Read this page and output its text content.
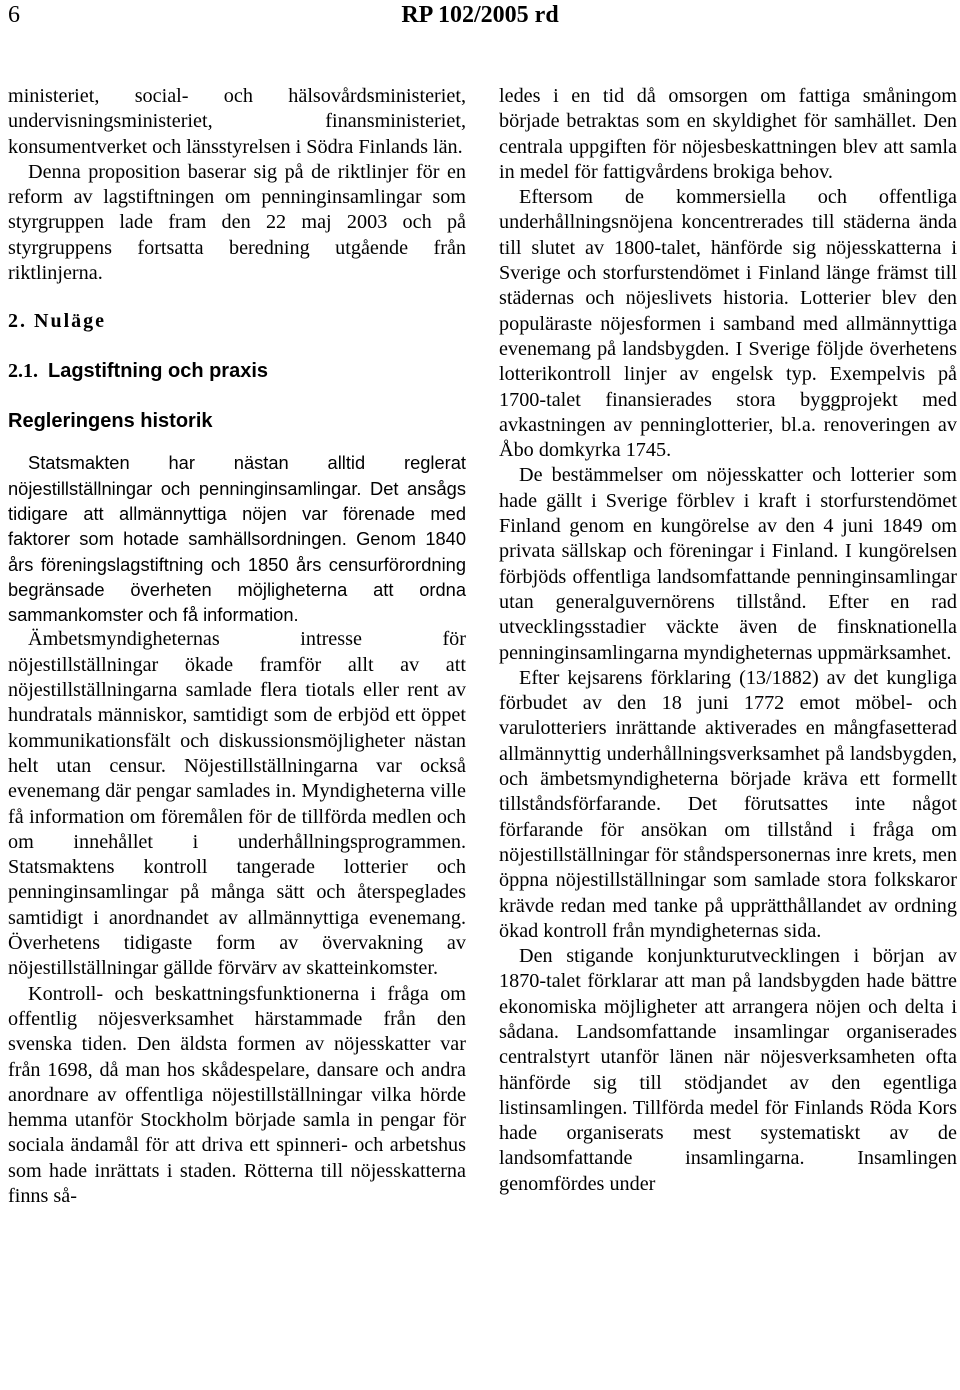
6	RP 102/2005 rd

ministeriet, social- och hälsovårdsministeriet, undervisningsministeriet, finansministeriet, konsumentverket och länsstyrelsen i Södra Finlands län.

Denna proposition baserar sig på de riktlinjer för en reform av lagstiftningen om penninginsamlingar som styrgruppen lade fram den 22 maj 2003 och på styrgruppens fortsatta beredning utgående från riktlinjerna.

2. Nuläge
2.1. Lagstiftning och praxis
Regleringens historik

Statsmakten har nästan alltid reglerat nöjestillställningar och penninginsamlingar. Det ansågs tidigare att allmännyttiga nöjen var förenade med faktorer som hotade samhällsordningen. Genom 1840 års föreningslagstiftning och 1850 års censurförordning begränsade överheten möjligheterna att ordna sammankomster och få information.

Ämbetsmyndigheternas intresse för nöjestillställningar ökade framför allt av att nöjestillställningarna samlade flera tiotals eller rent av hundratals människor, samtidigt som de erbjöd ett öppet kommunikationsfält och diskussionsmöjligheter nästan helt utan censur. Nöjestillställningarna var också evenemang där pengar samlades in. Myndigheterna ville få information om föremålen för de tillförda medlen och om innehållet i underhållningsprogrammen. Statsmaktens kontroll tangerade lotterier och penninginsamlingar på många sätt och återspeglades samtidigt i anordnandet av allmännyttiga evenemang. Överhetens tidigaste form av övervakning av nöjestillställningar gällde förvärv av skatteinkomster.

Kontroll- och beskattningsfunktionerna i fråga om offentlig nöjesverksamhet härstammade från den svenska tiden. Den äldsta formen av nöjesskatter var från 1698, då man hos skådespelare, dansare och andra anordnare av offentliga nöjestillställningar vilka hörde hemma utanför Stockholm började samla in pengar för sociala ändamål för att driva ett spinneri- och arbetshus som hade inrättats i staden. Rötterna till nöjesskatterna finns så-

ledes i en tid då omsorgen om fattiga småningom började betraktas som en skyldighet för samhället. Den centrala uppgiften för nöjesbeskattningen blev att samla in medel för fattigvårdens brokiga behov.

Eftersom de kommersiella och offentliga underhållningsnöjena koncentrerades till städerna ända till slutet av 1800-talet, hänförde sig nöjesskatterna i Sverige och storfurstendömet i Finland länge främst till städernas och nöjeslivets historia. Lotterier blev den populäraste nöjesformen i samband med allmännyttiga evenemang på landsbygden. I Sverige följde överhetens lotterikontroll linjer av engelsk typ. Exempelvis på 1700-talet finansierades stora byggprojekt med avkastningen av penninglotterier, bl.a. renoveringen av Åbo domkyrka 1745.

De bestämmelser om nöjesskatter och lotterier som hade gällt i Sverige förblev i kraft i storfurstendömet Finland genom en kungörelse av den 4 juni 1849 om privata sällskap och föreningar i Finland. I kungörelsen förbjöds offentliga landsomfattande penninginsamlingar utan generalguvernörens tillstånd. Efter en rad utvecklingsstadier väckte även de finsknationella penninginsamlingarna myndigheternas uppmärksamhet.

Efter kejsarens förklaring (13/1882) av det kungliga förbudet av den 18 juni 1772 emot möbel- och varulotteriers inrättande aktiverades en mångfasetterad allmännyttig underhållningsverksamhet på landsbygden, och ämbetsmyndigheterna började kräva ett formellt tillståndsförfarande. Det förutsattes inte något förfarande för ansökan om tillstånd i fråga om nöjestillställningar för ståndspersonernas inre krets, men öppna nöjestillställningar som samlade stora folkskaror krävde redan med tanke på upprätthållandet av ordning ökad kontroll från myndigheternas sida.

Den stigande konjunkturutvecklingen i början av 1870-talet förklarar att man på landsbygden hade bättre ekonomiska möjligheter att arrangera nöjen och delta i sådana. Landsomfattande insamlingar organiserades centralstyrt utanför länen när nöjesverksamheten ofta hänförde sig till stödjandet av den egentliga listinsamlingen. Tillförda medel för Finlands Röda Kors hade organiserats mest systematiskt av de landsomfattande insamlingarna. Insamlingen genomfördes under
